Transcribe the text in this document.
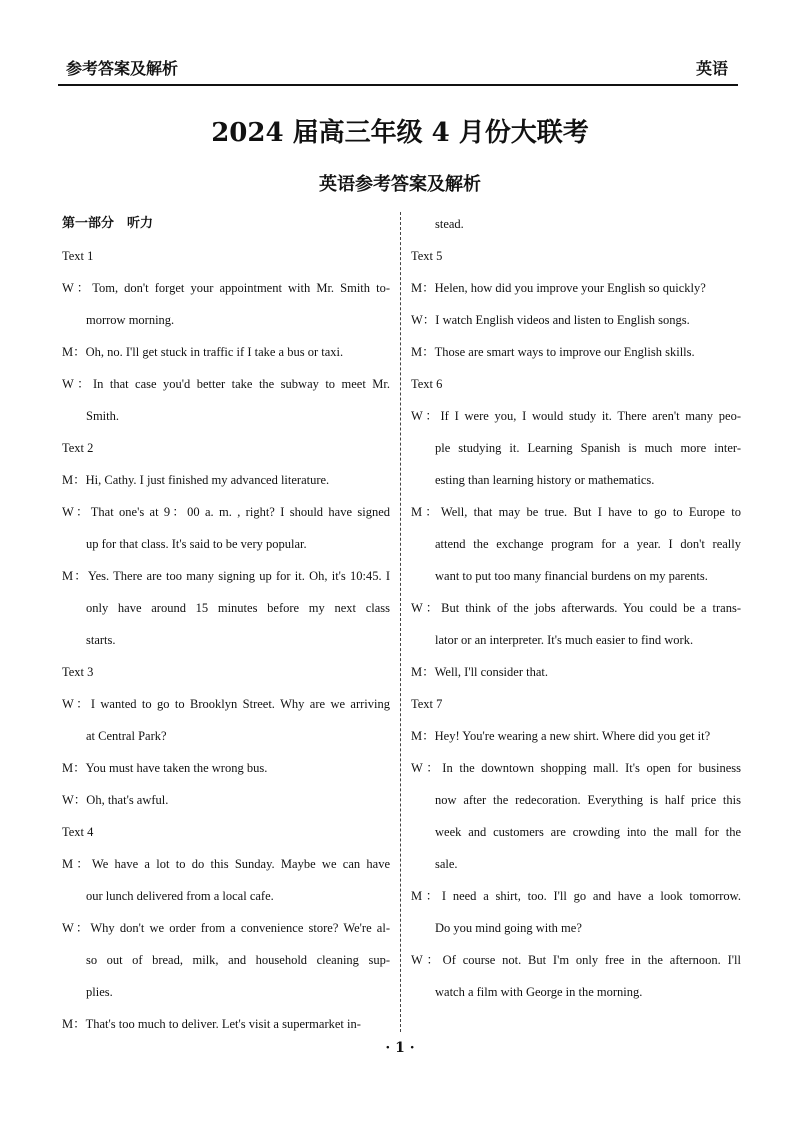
参考答案及解析	英语
2024 届高三年级 4 月份大联考
英语参考答案及解析
第一部分　听力
Text 1
W：Tom, don't forget your appointment with Mr. Smith to-
morrow morning.
M：Oh, no. I'll get stuck in traffic if I take a bus or taxi.
W：In that case you'd better take the subway to meet Mr.
Smith.
Text 2
M：Hi, Cathy. I just finished my advanced literature.
W：That one's at 9：00 a. m. , right? I should have signed
up for that class. It's said to be very popular.
M：Yes. There are too many signing up for it. Oh, it's 10:45. I
only have around 15 minutes before my next class
starts.
Text 3
W：I wanted to go to Brooklyn Street. Why are we arriving
at Central Park?
M：You must have taken the wrong bus.
W：Oh, that's awful.
Text 4
M：We have a lot to do this Sunday. Maybe we can have
our lunch delivered from a local cafe.
W：Why don't we order from a convenience store? We're al-
so out of bread, milk, and household cleaning sup-
plies.
M：That's too much to deliver. Let's visit a supermarket in-
stead.
Text 5
M：Helen, how did you improve your English so quickly?
W：I watch English videos and listen to English songs.
M：Those are smart ways to improve our English skills.
Text 6
W：If I were you, I would study it. There aren't many peo-
ple studying it. Learning Spanish is much more inter-
esting than learning history or mathematics.
M：Well, that may be true. But I have to go to Europe to
attend the exchange program for a year. I don't really
want to put too many financial burdens on my parents.
W：But think of the jobs afterwards. You could be a trans-
lator or an interpreter. It's much easier to find work.
M：Well, I'll consider that.
Text 7
M：Hey! You're wearing a new shirt. Where did you get it?
W：In the downtown shopping mall. It's open for business
now after the redecoration. Everything is half price this
week and customers are crowding into the mall for the
sale.
M：I need a shirt, too. I'll go and have a look tomorrow.
Do you mind going with me?
W：Of course not. But I'm only free in the afternoon. I'll
watch a film with George in the morning.
· 1 ·
